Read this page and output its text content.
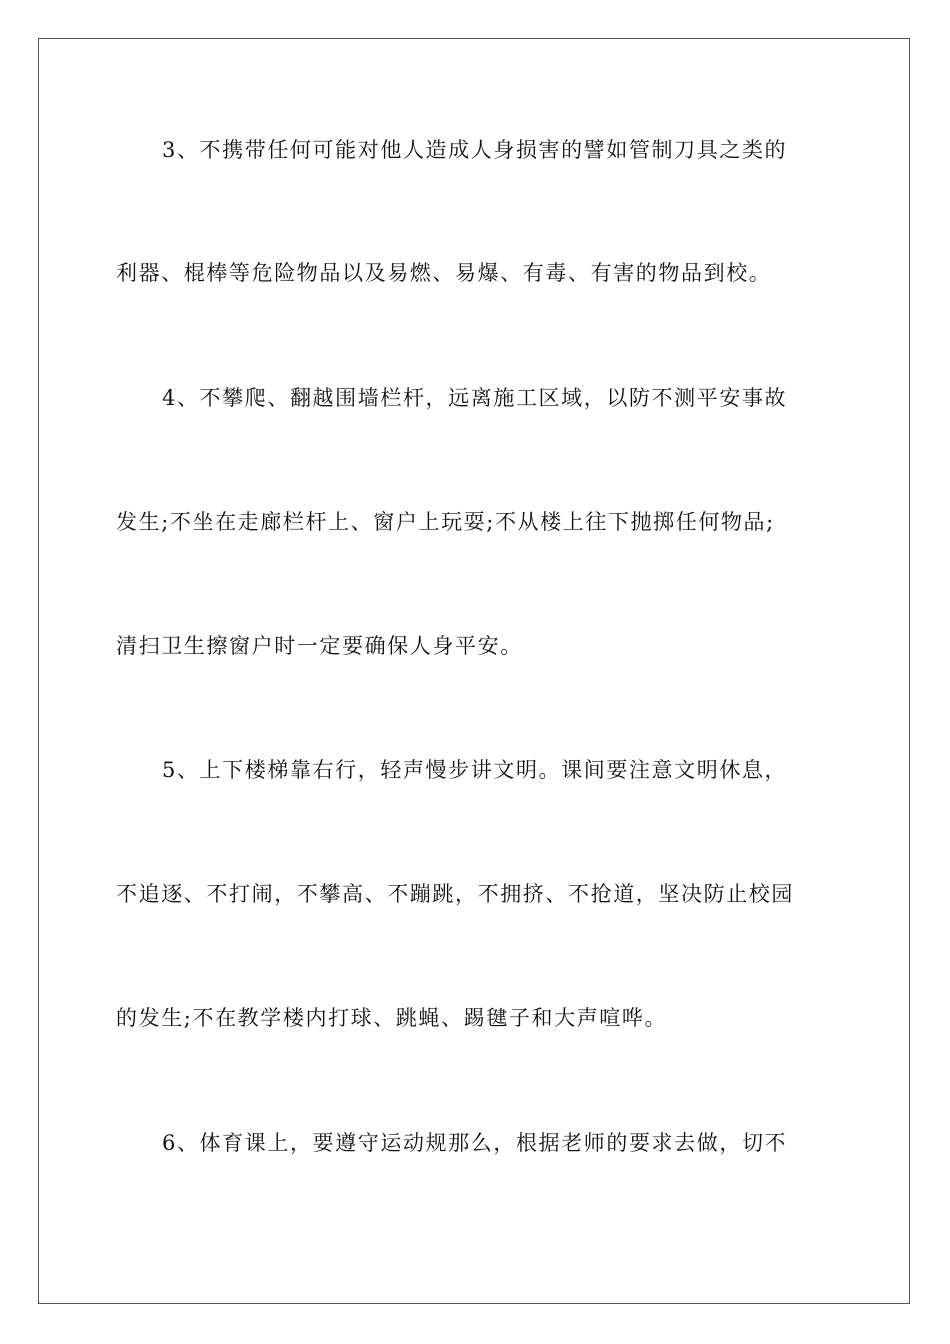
3、不携带任何可能对他人造成人身损害的譬如管制刀具之类的
利器、棍棒等危险物品以及易燃、易爆、有毒、有害的物品到校。
4、不攀爬、翻越围墙栏杆，远离施工区域，以防不测平安事故
发生;不坐在走廊栏杆上、窗户上玩耍;不从楼上往下抛掷任何物品;
清扫卫生擦窗户时一定要确保人身平安。
5、上下楼梯靠右行，轻声慢步讲文明。课间要注意文明休息，
不追逐、不打闹，不攀高、不蹦跳，不拥挤、不抢道，坚决防止校园
的发生;不在教学楼内打球、跳蝇、踢毽子和大声喧哗。
6、体育课上，要遵守运动规那么，根据老师的要求去做，切不
